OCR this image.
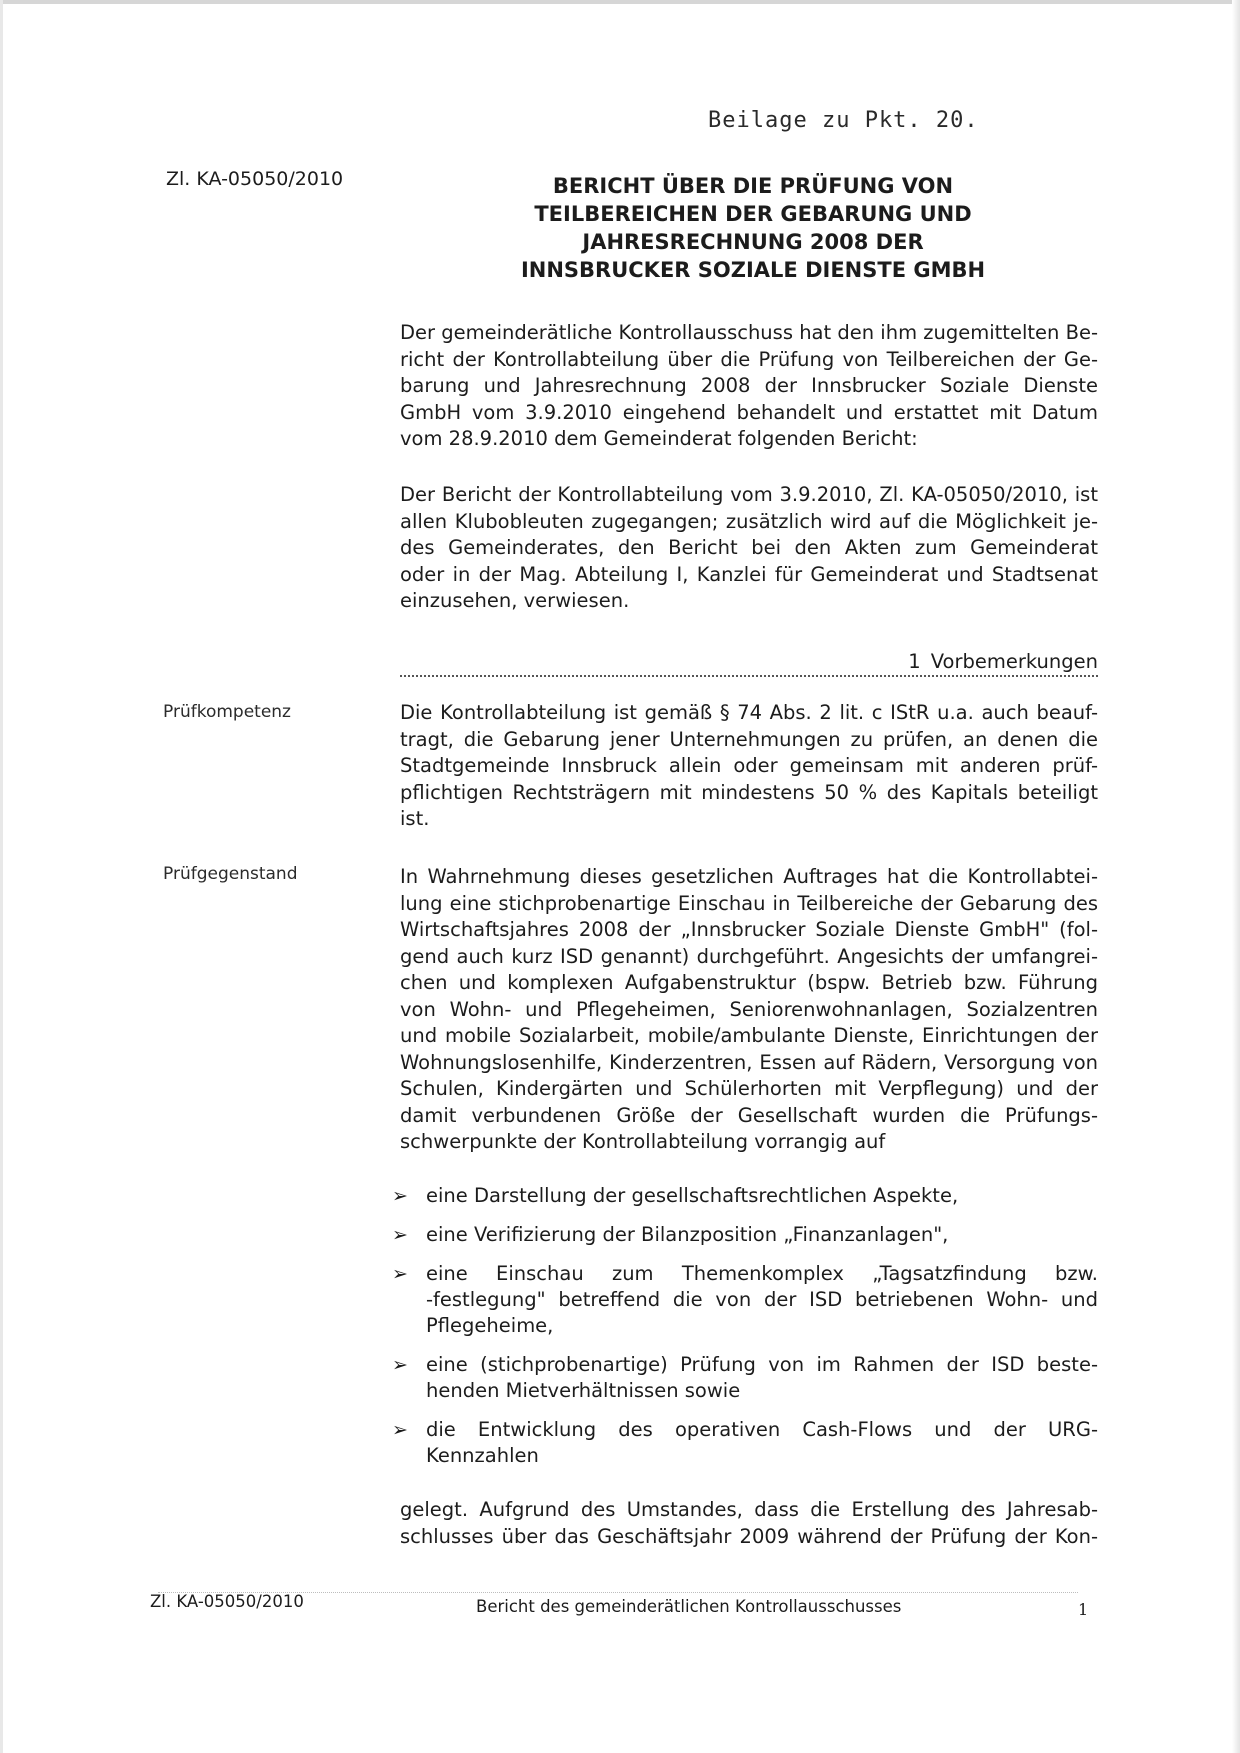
Beilage zu Pkt. 20.
Zl. KA-05050/2010	BERICHT ÜBER DIE PRÜFUNG VON
TEILBEREICHEN DER GEBARUNG UND
JAHRESRECHNUNG 2008 DER
INNSBRUCKER SOZIALE DIENSTE GMBH
Der gemeinderätliche Kontrollausschuss hat den ihm zugemittelten Be-
richt der Kontrollabteilung über die Prüfung von Teilbereichen der Ge-
barung und Jahresrechnung 2008 der Innsbrucker Soziale Dienste
GmbH vom 3.9.2010 eingehend behandelt und erstattet mit Datum
vom 28.9.2010 dem Gemeinderat folgenden Bericht:
Der Bericht der Kontrollabteilung vom 3.9.2010, Zl. KA-05050/2010, ist
allen Klubobleuten zugegangen; zusätzlich wird auf die Möglichkeit je-
des Gemeinderates, den Bericht bei den Akten zum Gemeinderat
oder in der Mag. Abteilung I, Kanzlei für Gemeinderat und Stadtsenat
einzusehen, verwiesen.
1 Vorbemerkungen
Prüfkompetenz
Prüfgegenstand
Die Kontrollabteilung ist gemäß § 74 Abs. 2 lit. c IStR u.a. auch beauf-
tragt, die Gebarung jener Unternehmungen zu prüfen, an denen die
Stadtgemeinde Innsbruck allein oder gemeinsam mit anderen prüf-
pflichtigen Rechtsträgern mit mindestens 50 % des Kapitals beteiligt
ist.
In Wahrnehmung dieses gesetzlichen Auftrages hat die Kontrollabtei-
lung eine stichprobenartige Einschau in Teilbereiche der Gebarung des
Wirtschaftsjahres 2008 der „Innsbrucker Soziale Dienste GmbH" (fol-
gend auch kurz ISD genannt) durchgeführt. Angesichts der umfangrei-
chen und komplexen Aufgabenstruktur (bspw. Betrieb bzw. Führung
von Wohn- und Pflegeheimen, Seniorenwohnanlagen, Sozialzentren
und mobile Sozialarbeit, mobile/ambulante Dienste, Einrichtungen der
Wohnungslosenhilfe, Kinderzentren, Essen auf Rädern, Versorgung von
Schulen, Kindergärten und Schülerhorten mit Verpflegung) und der
damit verbundenen Größe der Gesellschaft wurden die Prüfungs-
schwerpunkte der Kontrollabteilung vorrangig auf
➢ eine Darstellung der gesellschaftsrechtlichen Aspekte,
➢ eine Verifizierung der Bilanzposition „Finanzanlagen",
➢ eine Einschau zum Themenkomplex „Tagsatzfindung bzw.
-festlegung" betreffend die von der ISD betriebenen Wohn- und
Pflegeheime,
➢ eine (stichprobenartige) Prüfung von im Rahmen der ISD beste-
henden Mietverhältnissen sowie
➢ die Entwicklung des operativen Cash-Flows und der URG-
Kennzahlen
gelegt. Aufgrund des Umstandes, dass die Erstellung des Jahresab-
schlusses über das Geschäftsjahr 2009 während der Prüfung der Kon-
Zl. KA-05050/2010	Bericht des gemeinderätlichen Kontrollausschusses	1
